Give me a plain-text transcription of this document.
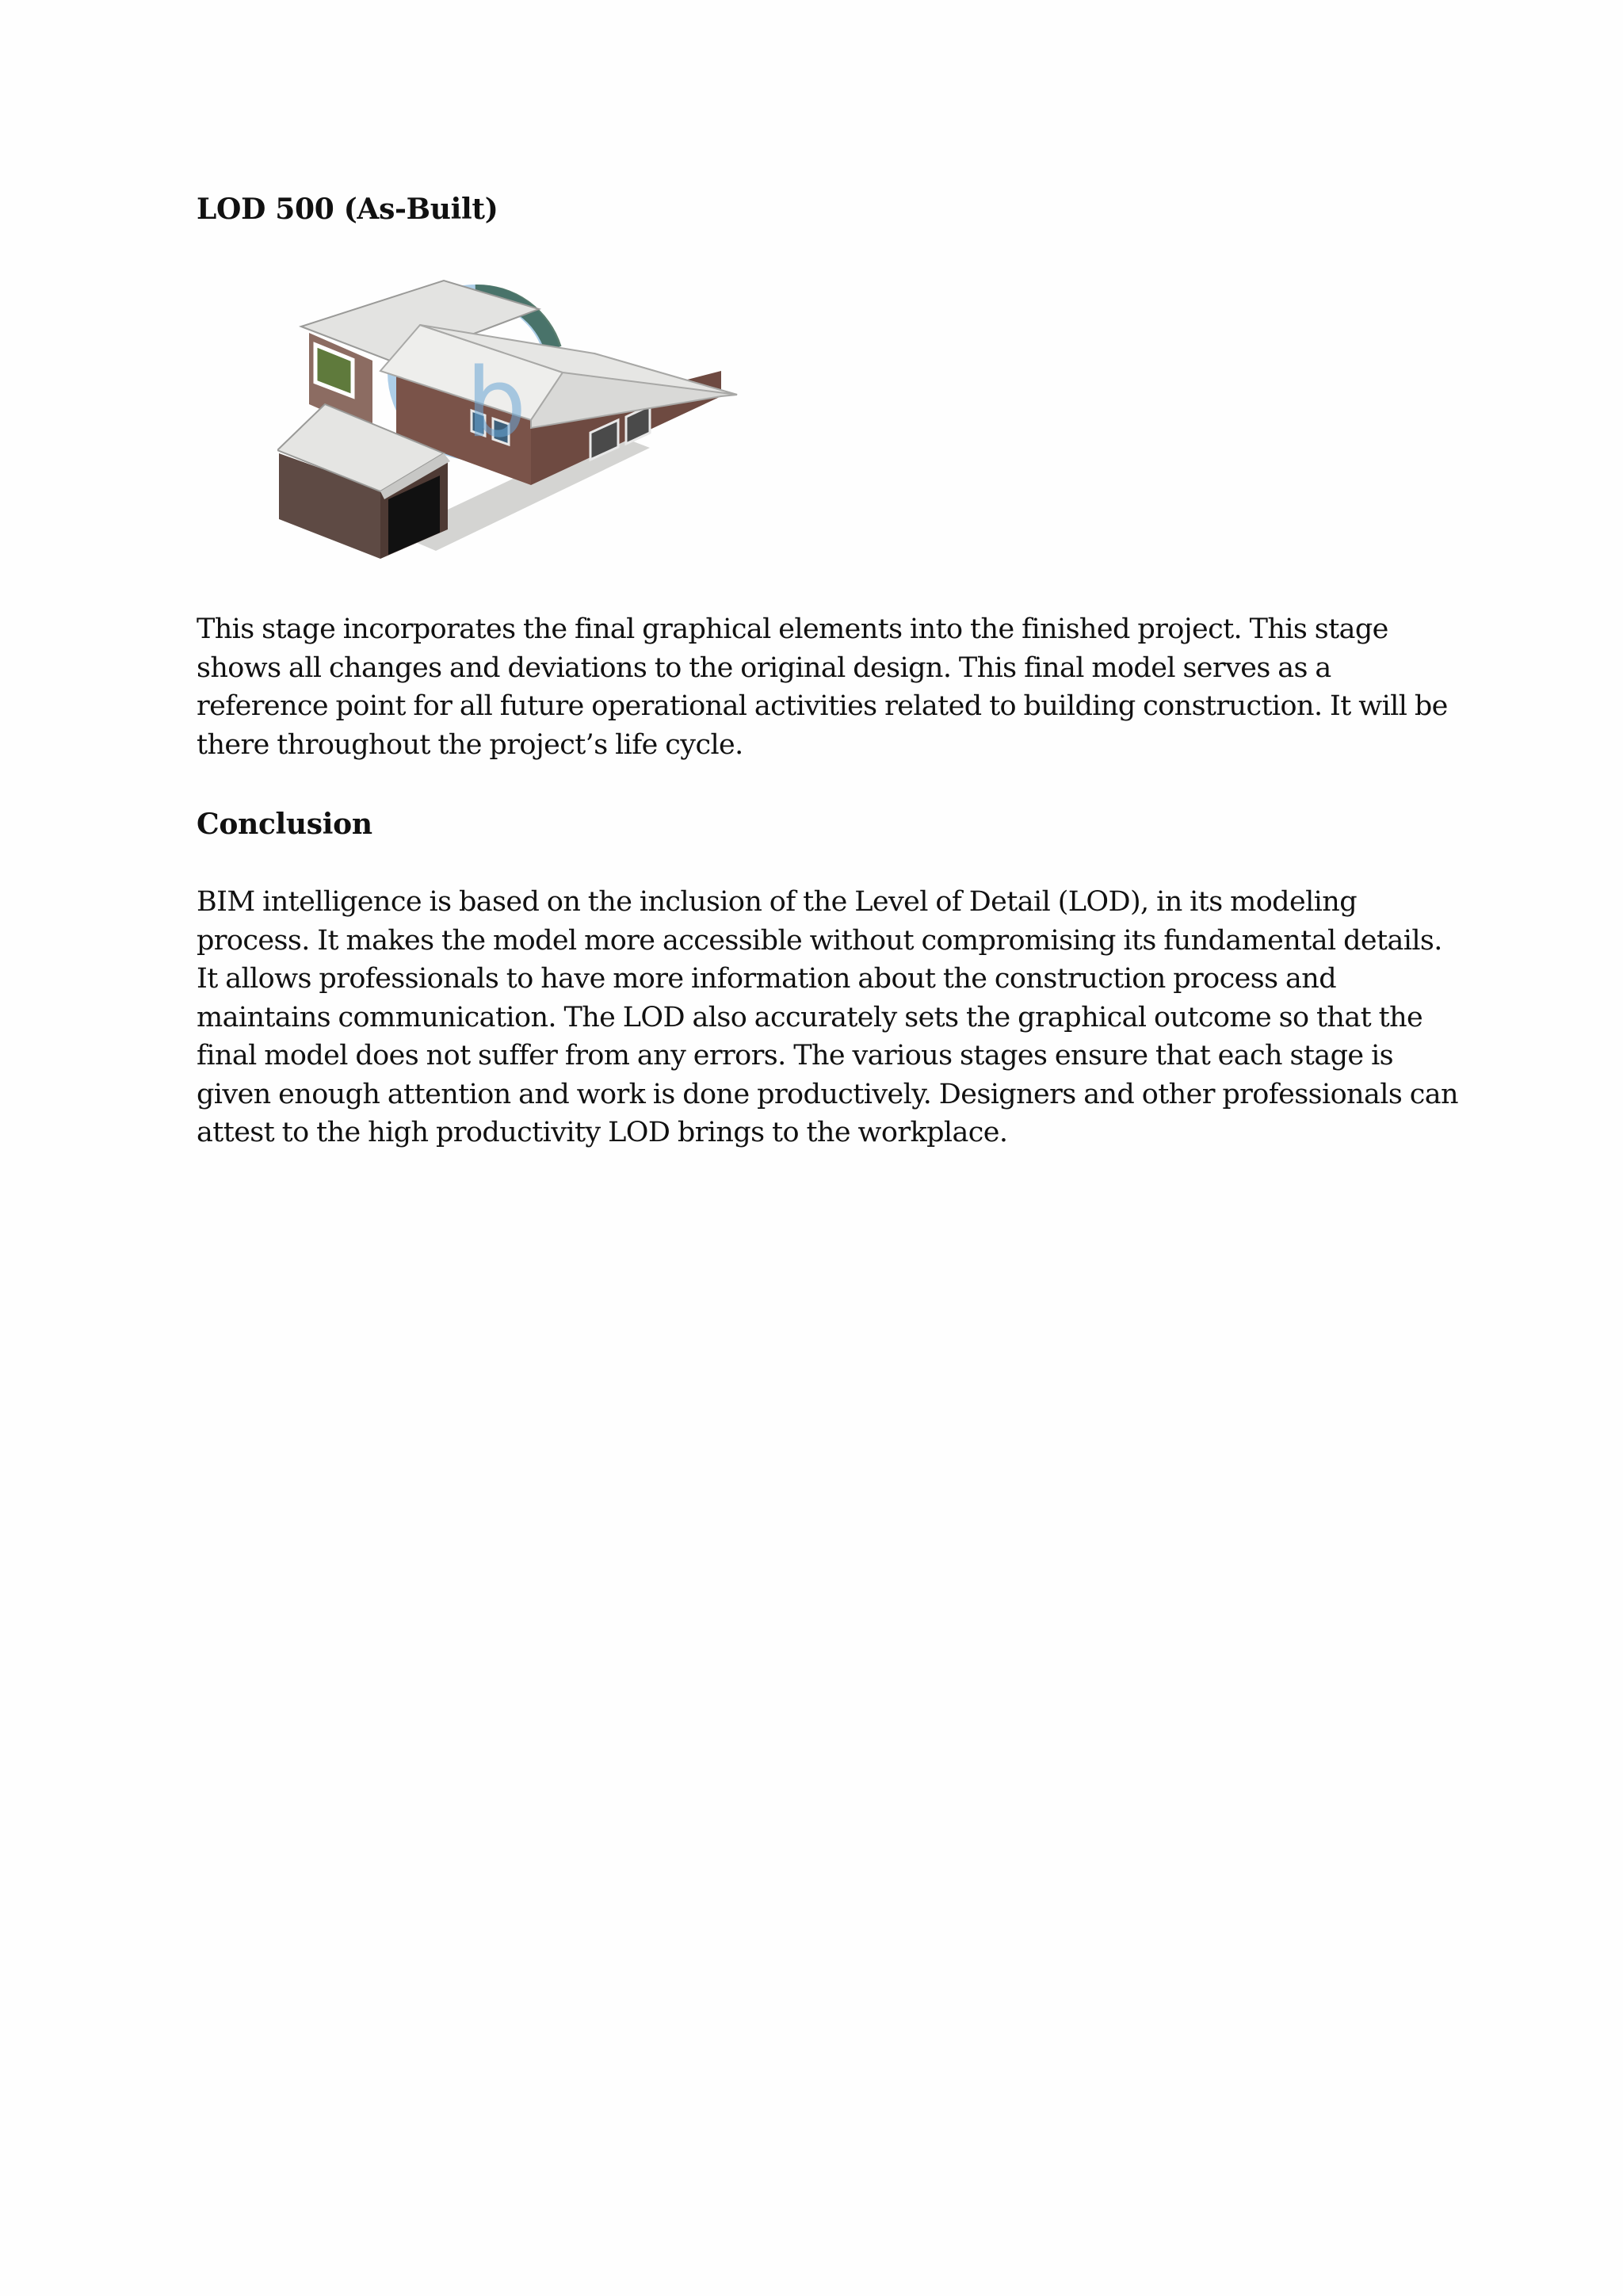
LOD 500 (As-Built)
b

This stage incorporates the final graphical elements into the finished project. This stage shows all changes and deviations to the original design. This final model serves as a reference point for all future operational activities related to building construction. It will be there throughout the project’s life cycle.

Conclusion

BIM intelligence is based on the inclusion of the Level of Detail (LOD), in its modeling process. It makes the model more accessible without compromising its fundamental details. It allows professionals to have more information about the construction process and maintains communication. The LOD also accurately sets the graphical outcome so that the final model does not suffer from any errors. The various stages ensure that each stage is given enough attention and work is done productively. Designers and other professionals can attest to the high productivity LOD brings to the workplace.
